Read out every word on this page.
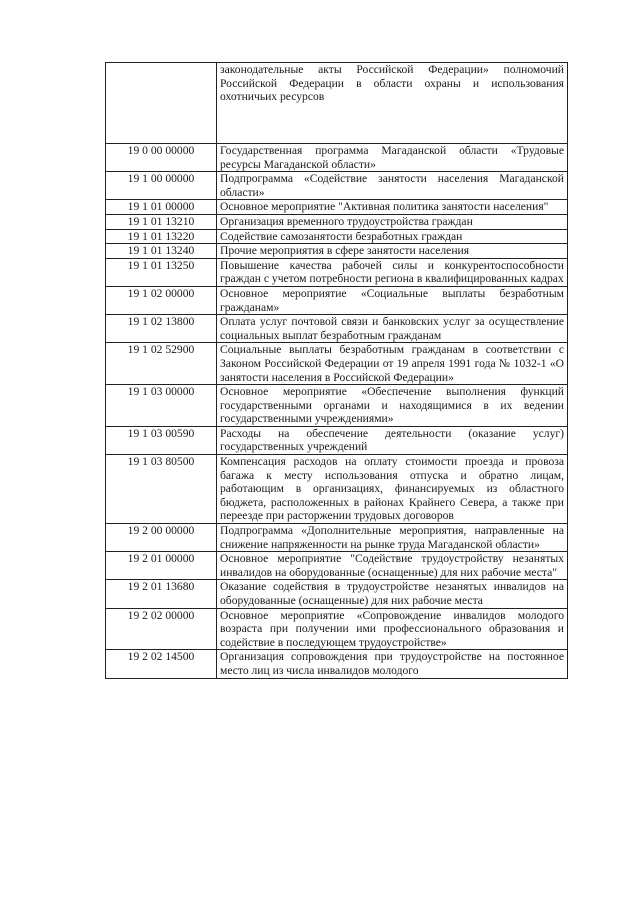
	законодательные акты Российской Федерации» полномочий Российской Федерации в области охраны и использования охотничьих ресурсов
19 0 00 00000	Государственная программа Магаданской области «Трудовые ресурсы Магаданской области»
19 1 00 00000	Подпрограмма «Содействие занятости населения Магаданской области»
19 1 01 00000	Основное мероприятие "Активная политика занятости населения"
19 1 01 13210	Организация временного трудоустройства граждан
19 1 01 13220	Содействие самозанятости безработных граждан
19 1 01 13240	Прочие мероприятия в сфере занятости населения
19 1 01 13250	Повышение качества рабочей силы и конкурентоспособности граждан с учетом потребности региона в квалифицированных кадрах
19 1 02 00000	Основное мероприятие «Социальные выплаты безработным гражданам»
19 1 02 13800	Оплата услуг почтовой связи и банковских услуг за осуществление социальных выплат безработным гражданам
19 1 02 52900	Социальные выплаты безработным гражданам в соответствии с Законом Российской Федерации от 19 апреля 1991 года № 1032-1 «О занятости населения в Российской Федерации»
19 1 03 00000	Основное мероприятие «Обеспечение выполнения функций государственными органами и находящимися в их ведении государственными учреждениями»
19 1 03 00590	Расходы на обеспечение деятельности (оказание услуг) государственных учреждений
19 1 03 80500	Компенсация расходов на оплату стоимости проезда и провоза багажа к месту использования отпуска и обратно лицам, работающим в организациях, финансируемых из областного бюджета, расположенных в районах Крайнего Севера, а также при переезде при расторжении трудовых договоров
19 2 00 00000	Подпрограмма «Дополнительные мероприятия, направленные на снижение напряженности на рынке труда Магаданской области»
19 2 01 00000	Основное мероприятие "Содействие трудоустройству незанятых инвалидов на оборудованные (оснащенные) для них рабочие места"
19 2 01 13680	Оказание содействия в трудоустройстве незанятых инвалидов на оборудованные (оснащенные) для них рабочие места
19 2 02 00000	Основное мероприятие «Сопровождение инвалидов молодого возраста при получении ими профессионального образования и содействие в последующем трудоустройстве»
19 2 02 14500	Организация сопровождения при трудоустройстве на постоянное место лиц из числа инвалидов молодого
